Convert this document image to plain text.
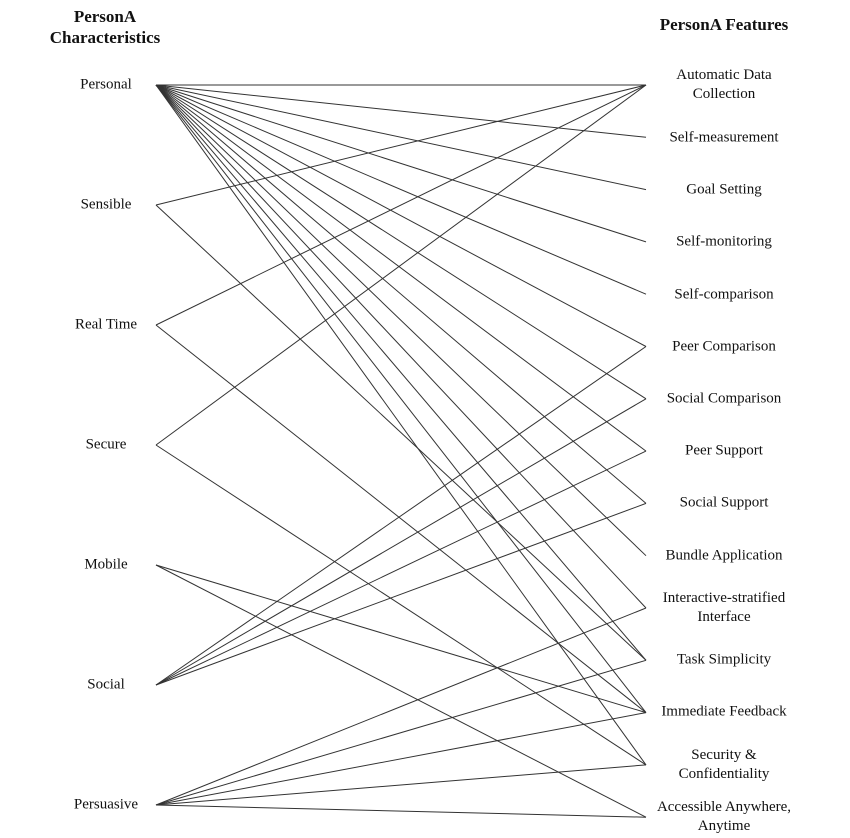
PersonA
Characteristics
PersonA Features
Personal
Sensible
Real Time
Secure
Mobile
Social
Persuasive
Automatic Data
Collection
Self-measurement
Goal Setting
Self-monitoring
Self-comparison
Peer Comparison
Social Comparison
Peer Support
Social Support
Bundle Application
Interactive-stratified
Interface
Task Simplicity
Immediate Feedback
Security &
Confidentiality
Accessible Anywhere,
Anytime
